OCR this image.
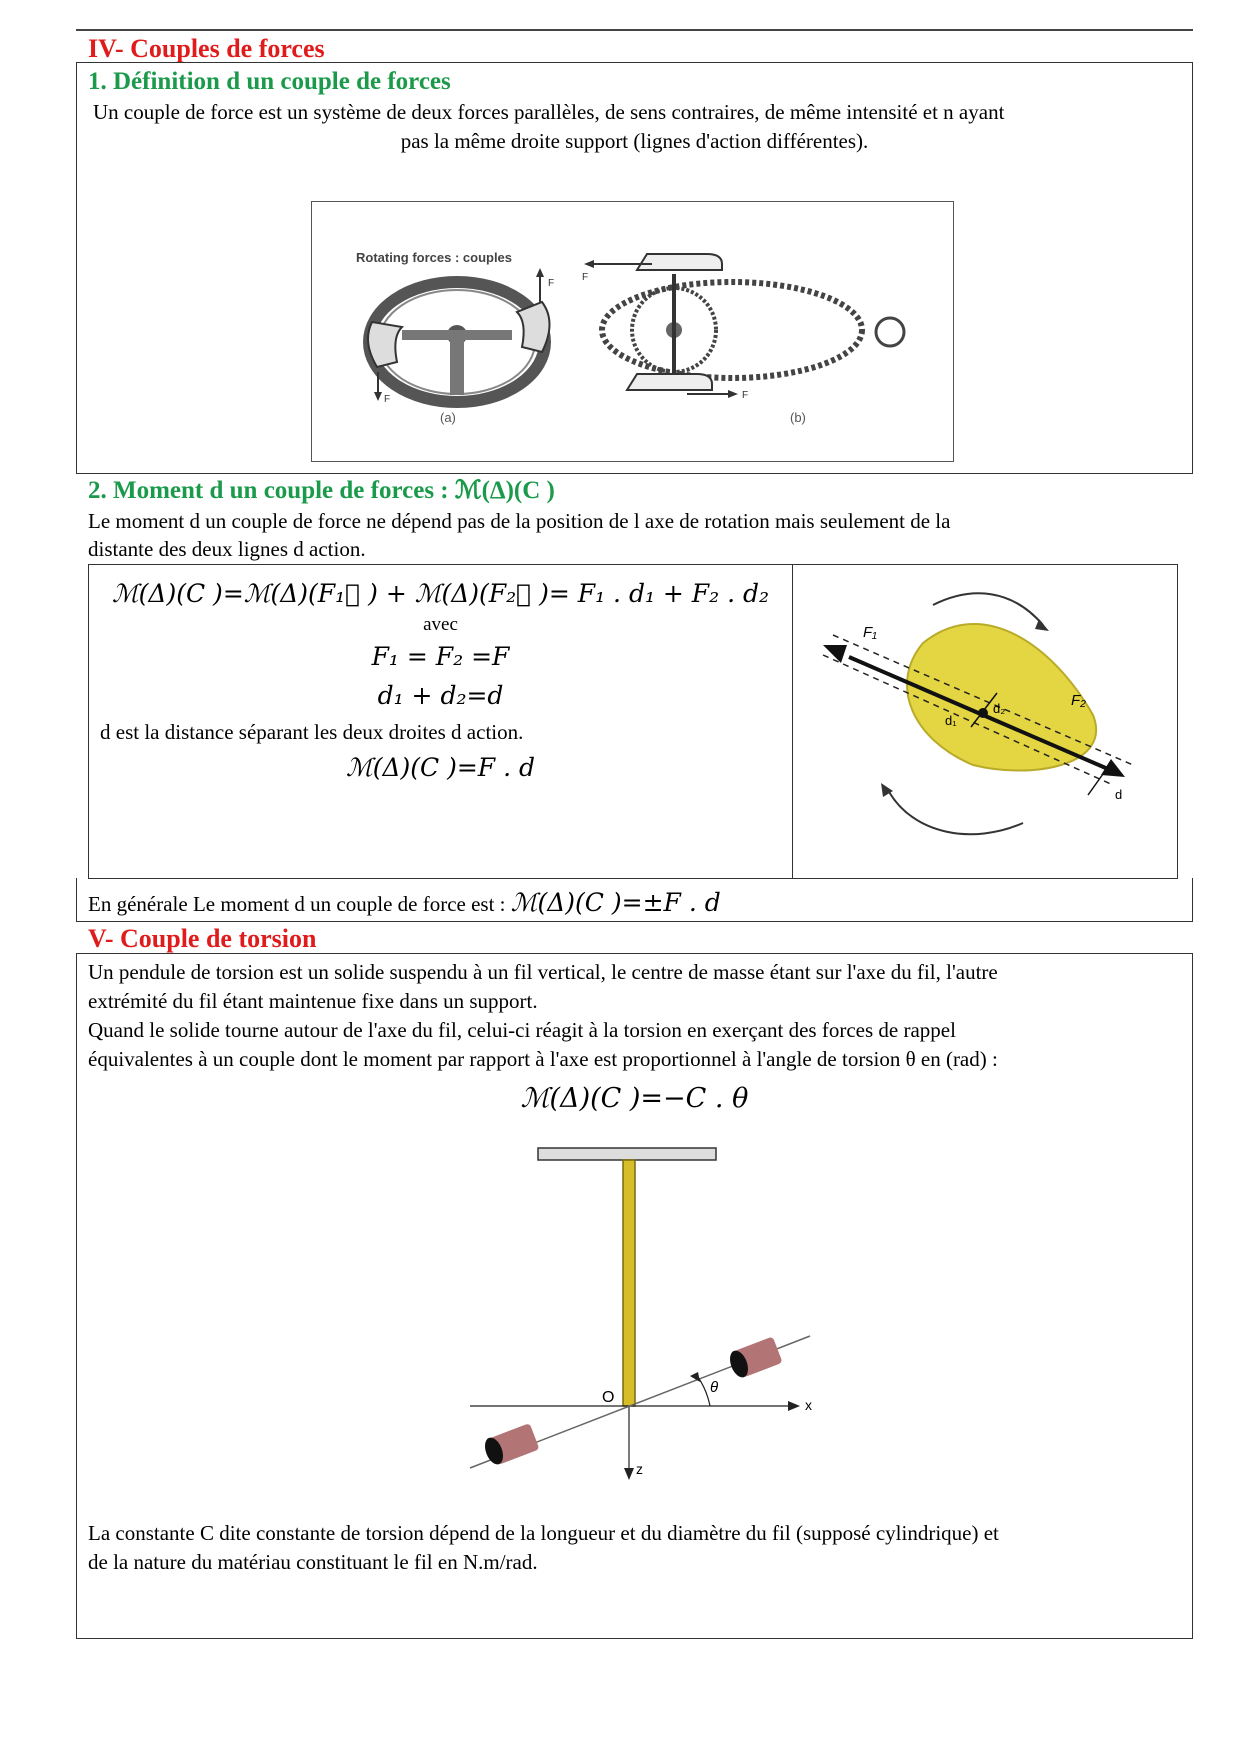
IV- Couples de forces
1. Définition d un couple de forces
Un couple de force est un système de deux forces parallèles, de sens contraires, de même intensité et n ayant
pas la même droite support (lignes d'action différentes).
Rotating forces : couples
F
F
(a)
F
F
(b)
2. Moment d un couple de forces : ℳ(Δ)(C )
Le moment d un couple de force ne dépend pas de la position de l axe de rotation mais seulement de la
distante des deux lignes d action.
ℳ(Δ)(C )=ℳ(Δ)(F₁⃗ ) + ℳ(Δ)(F₂⃗ )= F₁ . d₁ + F₂ . d₂
avec
F₁ = F₂ =F
d₁ + d₂=d
d est la distance séparant les deux droites d action.
ℳ(Δ)(C )=F . d
F₁
F₂
d₁
d₂
d
En générale Le moment d un couple de force est : ℳ(Δ)(C )=±F . d
V- Couple de torsion
Un pendule de torsion est un solide suspendu à un fil vertical, le centre de masse étant sur l'axe du fil, l'autre
extrémité du fil étant maintenue fixe dans un support.
Quand le solide tourne autour de l'axe du fil, celui-ci réagit à la torsion en exerçant des forces de rappel
équivalentes à un couple dont le moment par rapport à l'axe est proportionnel à l'angle de torsion θ en (rad) :
ℳ(Δ)(C )=−C . θ
O
θ
x
z
La constante C dite constante de torsion dépend de la longueur et du diamètre du fil (supposé cylindrique) et
de la nature du matériau constituant le fil en N.m/rad.
